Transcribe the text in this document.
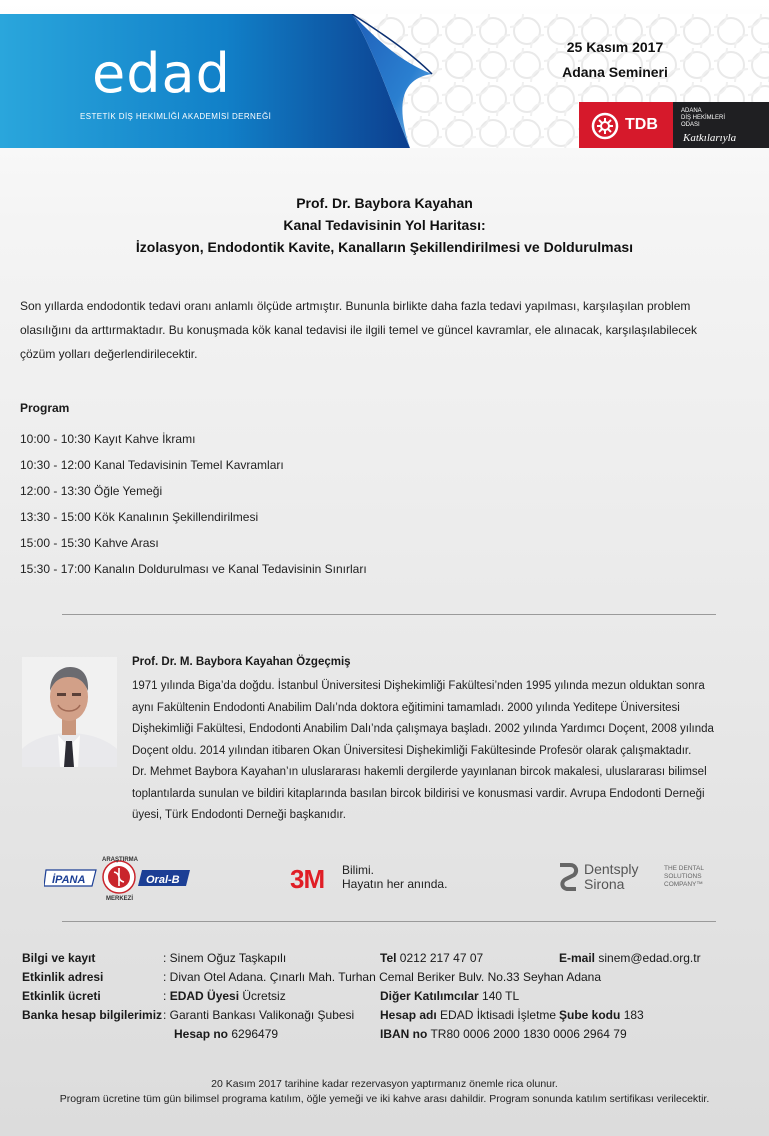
edad
ESTETİK DİŞ HEKİMLİĞİ AKADEMİSİ DERNEĞİ
25 Kasım 2017
Adana Semineri
TDB
ADANA
DİŞ HEKİMLERİ
ODASI
Katkılarıyla
Prof. Dr. Baybora Kayahan
Kanal Tedavisinin Yol Haritası:
İzolasyon, Endodontik Kavite, Kanalların Şekillendirilmesi ve Doldurulması
Son yıllarda endodontik tedavi oranı anlamlı ölçüde artmıştır. Bununla birlikte daha fazla tedavi yapılması, karşılaşılan problem
olasılığını da arttırmaktadır. Bu konuşmada kök kanal tedavisi ile ilgili temel ve güncel kavramlar, ele alınacak, karşılaşılabilecek
çözüm yolları değerlendirilecektir.
Program
10:00 - 10:30 Kayıt Kahve İkramı
10:30 - 12:00 Kanal Tedavisinin Temel Kavramları
12:00 - 13:30 Öğle Yemeği
13:30 - 15:00 Kök Kanalının Şekillendirilmesi
15:00 - 15:30 Kahve Arası
15:30 - 17:00 Kanalın Doldurulması ve Kanal Tedavisinin Sınırları
Prof. Dr. M. Baybora Kayahan Özgeçmiş
1971 yılında Biga’da doğdu. İstanbul Üniversitesi Dişhekimliği Fakültesi’nden 1995 yılında mezun olduktan sonra
aynı Fakültenin Endodonti Anabilim Dalı’nda doktora eğitimini tamamladı. 2000 yılında Yeditepe Üniversitesi
Dişhekimliği Fakültesi, Endodonti Anabilim Dalı’nda çalışmaya başladı. 2002 yılında Yardımcı Doçent, 2008 yılında
Doçent oldu. 2014 yılından itibaren Okan Üniversitesi Dişhekimliği Fakültesinde Profesör olarak çalışmaktadır.
Dr. Mehmet Baybora Kayahan’ın uluslararası hakemli dergilerde yayınlanan bircok makalesi, uluslararası bilimsel
toplantılarda sunulan ve bildiri kitaplarında basılan bircok bildirisi ve konusmasi vardir. Avrupa Endodonti Derneği
üyesi, Türk Endodonti Derneği başkanıdır.
İPANA
ARAŞTIRMA
MERKEZİ
Oral-B	3M Bilimi.
Hayatın her anında.
Dentsply
Sirona
THE DENTAL
SOLUTIONS
COMPANY™
Bilgi ve kayıt	: Sinem Oğuz Taşkapılı	Tel 0212 217 47 07	E-mail sinem@edad.org.tr
Etkinlik adresi	: Divan Otel Adana. Çınarlı Mah. Turhan Cemal Beriker Bulv. No.33 Seyhan Adana
Etkinlik ücreti	: EDAD Üyesi Ücretsiz	Diğer Katılımcılar 140 TL
Banka hesap bilgilerimiz : Garanti Bankası Valikonağı Şubesi Hesap adı EDAD İktisadi İşletme Şube kodu 183
Hesap no 6296479	IBAN no TR80 0006 2000 1830 0006 2964 79
20 Kasım 2017 tarihine kadar rezervasyon yaptırmanız önemle rica olunur.
Program ücretine tüm gün bilimsel programa katılım, öğle yemeği ve iki kahve arası dahildir. Program sonunda katılım sertifikası verilecektir.
